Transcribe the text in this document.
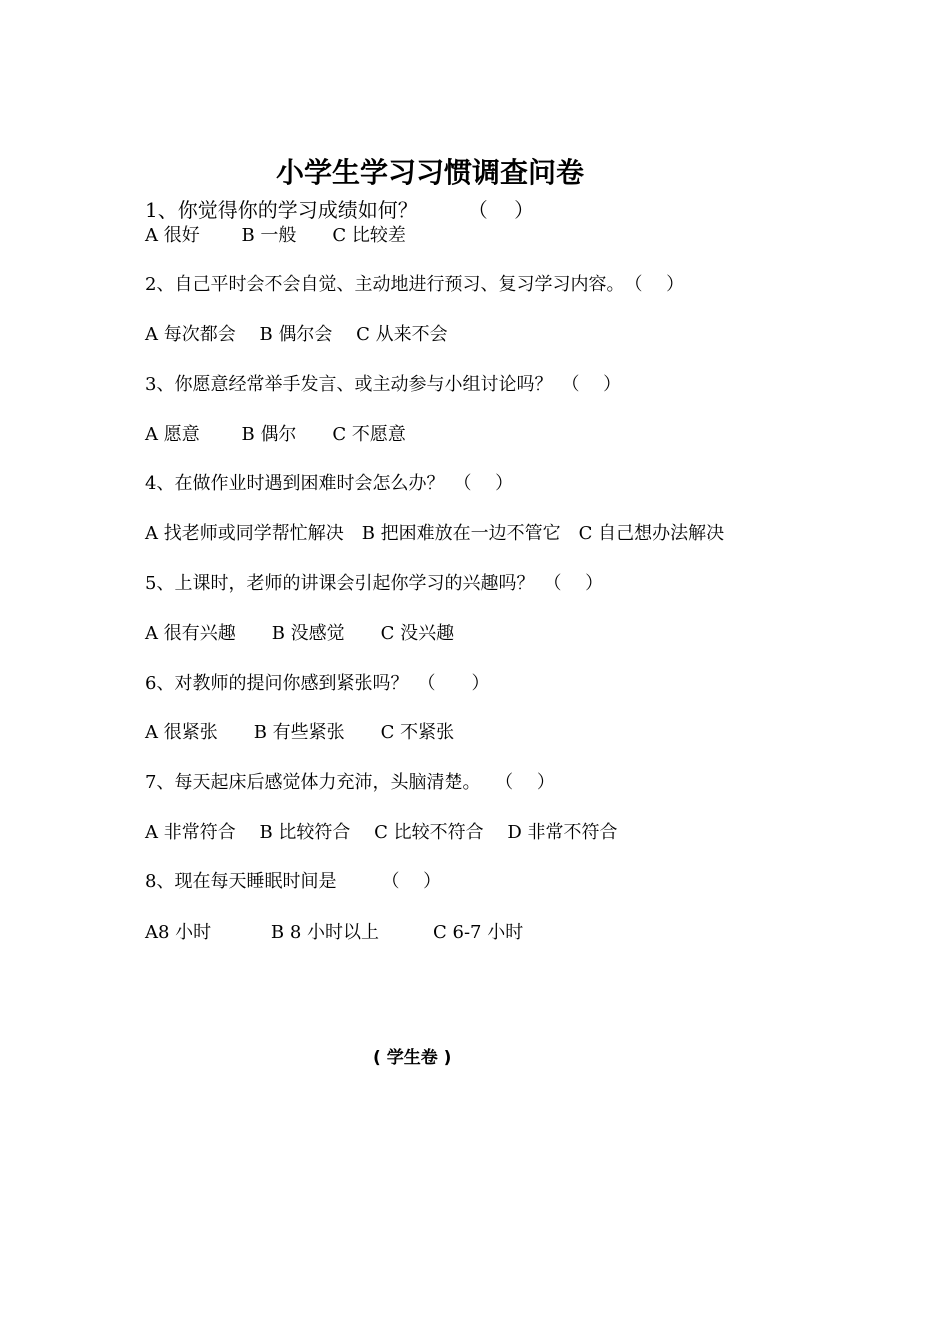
小学生学习习惯调查问卷
1、你觉得你的学习成绩如何？　　　（　 ）
A 很好　　 B 一般　　C 比较差
2、自己平时会不会自觉、主动地进行预习、复习学习内容。　（　 ）
A 每次都会　 B 偶尔会　 C 从来不会
3、你愿意经常举手发言、或主动参与小组讨论吗？　（　 ）
A 愿意　　 B 偶尔　　C 不愿意
4、在做作业时遇到困难时会怎么办？　（　 ）
A 找老师或同学帮忙解决　B 把困难放在一边不管它　C 自己想办法解决
5、上课时，老师的讲课会引起你学习的兴趣吗？　（　 ）
A 很有兴趣　　B 没感觉　　C 没兴趣
6、对教师的提问你感到紧张吗？　（　　）
A 很紧张　　B 有些紧张　　C 不紧张
7、每天起床后感觉体力充沛，头脑清楚。　 （　 ）
A 非常符合　 B 比较符合　 C 比较不符合　 D 非常不符合
8、现在每天睡眠时间是　　　（　 ）
A8 小时　　　 B 8 小时以上　　　C 6-7 小时
( 学生卷 )
